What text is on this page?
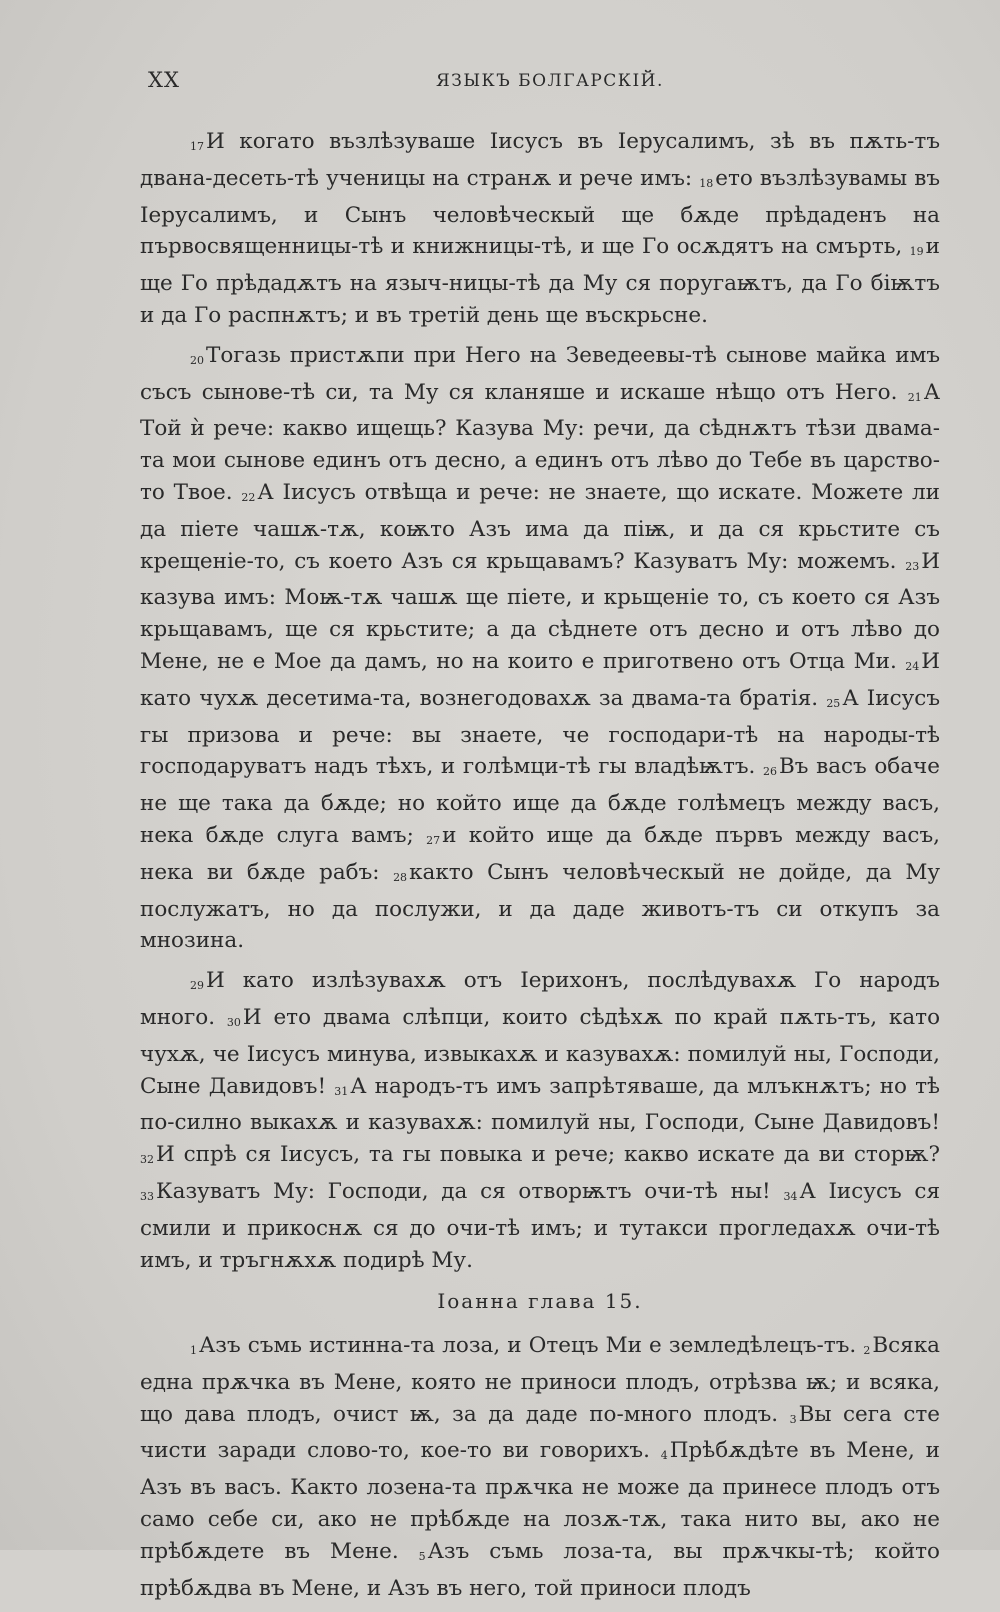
XX	ЯЗЫКЪ БОЛГАРСКІЙ.

$_{17}$И когато възлѣзуваше Іисусъ въ Іерусалимъ, зѣ въ пѫть-тъ двана-десеть-тѣ ученицы на странѫ и рече имъ: $_{18}$ето възлѣзувамы въ Іерусалимъ, и Сынъ человѣческый ще бѫде прѣдаденъ на първосвященницы-тѣ и книжницы-тѣ, и ще Го осѫдятъ на смърть, $_{19}$и ще Го прѣдадѫтъ на языч-ницы-тѣ да Му ся поругаѭтъ, да Го біѭтъ и да Го распнѫтъ; и въ третій день ще въскрьсне.

$_{20}$Тогазь пристѫпи при Него на Зеведеевы-тѣ сынове майка имъ съсъ сынове-тѣ си, та Му ся кланяше и искаше нѣщо отъ Него. $_{21}$А Той ѝ рече: какво ищещь? Казува Му: речи, да сѣднѫтъ тѣзи двама-та мои сынове единъ отъ десно, а единъ отъ лѣво до Тебе въ царство-то Твое. $_{22}$А Іисусъ отвѣща и рече: не знаете, що искате. Можете ли да піете чашѫ-тѫ, коѭто Азъ има да піѭ, и да ся крьстите съ крещеніе-то, съ което Азъ ся крьщавамъ? Казуватъ Му: можемъ. $_{23}$И казува имъ: Моѭ-тѫ чашѫ ще піете, и крьщеніе то, съ което ся Азъ крьщавамъ, ще ся крьстите; а да сѣднете отъ десно и отъ лѣво до Мене, не е Мое да дамъ, но на които е приготвено отъ Отца Ми. $_{24}$И като чухѫ десетима-та, вознегодовахѫ за двама-та братія. $_{25}$А Іисусъ гы призова и рече: вы знаете, че господари-тѣ на народы-тѣ господаруватъ надъ тѣхъ, и голѣмци-тѣ гы владѣѭтъ. $_{26}$Въ васъ обаче не ще така да бѫде; но който ище да бѫде голѣмецъ между васъ, нека бѫде слуга вамъ; $_{27}$и който ище да бѫде първъ между васъ, нека ви бѫде рабъ: $_{28}$както Сынъ человѣческый не дойде, да Му послужатъ, но да послужи, и да даде животъ-тъ си откупъ за мнозина.

$_{29}$И като излѣзувахѫ отъ Іерихонъ, послѣдувахѫ Го народъ много. $_{30}$И ето двама слѣпци, които сѣдѣхѫ по край пѫть-тъ, като чухѫ, че Іисусъ минува, извыкахѫ и казувахѫ: помилуй ны, Господи, Сыне Давидовъ! $_{31}$А народъ-тъ имъ запрѣтяваше, да млъкнѫтъ; но тѣ по-силно выкахѫ и казувахѫ: помилуй ны, Господи, Сыне Давидовъ! $_{32}$И спрѣ ся Іисусъ, та гы повыка и рече; какво искате да ви сторѭ? $_{33}$Казуватъ Му: Господи, да ся отворѭтъ очи-тѣ ны! $_{34}$А Іисусъ ся смили и прикоснѫ ся до очи-тѣ имъ; и тутакси прогледахѫ очи-тѣ имъ, и тръгнѫхѫ подирѣ Му.

Іоанна глава 15.

$_1$Азъ съмь истинна-та лоза, и Отецъ Ми е земледѣлецъ-тъ. $_2$Всяка една прѫчка въ Мене, която не приноси плодъ, отрѣзва ѭ; и всяка, що дава плодъ, очист ѭ, за да даде по-много плодъ. $_3$Вы сега сте чисти заради слово-то, кое-то ви говорихъ. $_4$Прѣбѫдѣте въ Мене, и Азъ въ васъ. Както лозена-та прѫчка не може да принесе плодъ отъ само себе си, ако не прѣбѫде на лозѫ-тѫ, така нито вы, ако не прѣбѫдете въ Мене. $_5$Азъ съмь лоза-та, вы прѫчкы-тѣ; който прѣбѫдва въ Мене, и Азъ въ него, той приноси плодъ
